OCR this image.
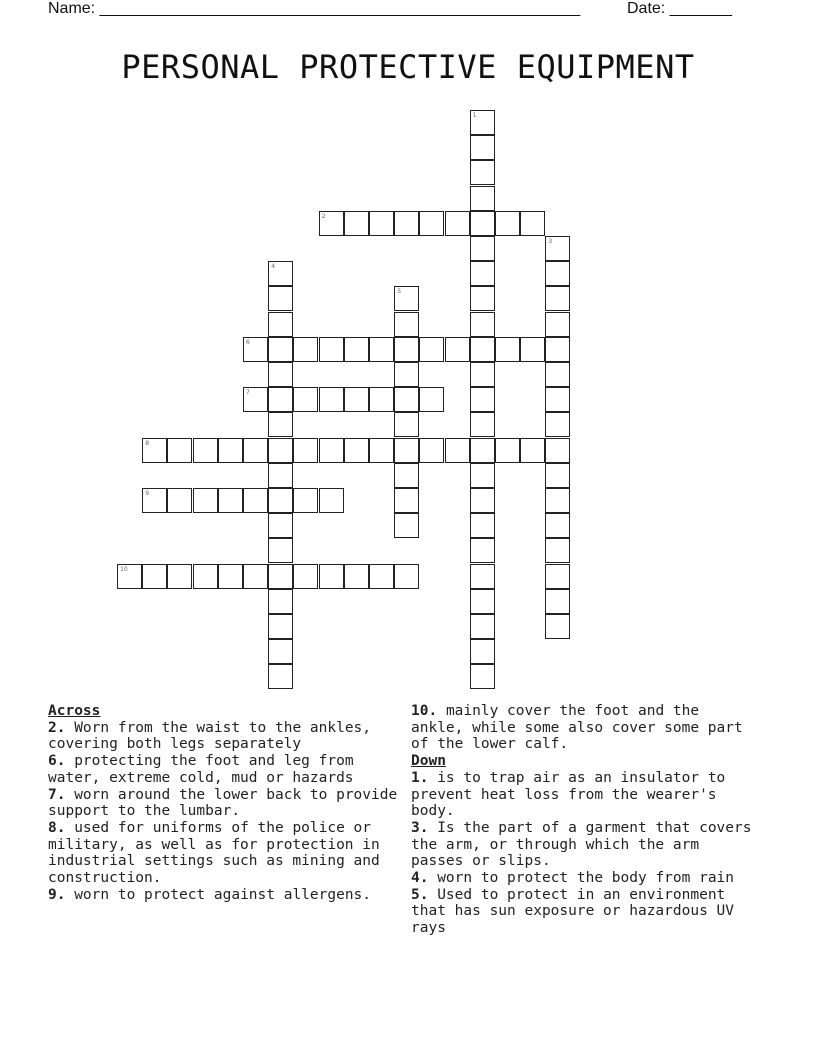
Name: ______________________________________________________	Date: _______
PERSONAL PROTECTIVE EQUIPMENT
1
2
3
4
5
6
7
8
9
10
Across

2. Worn from the waist to the ankles, covering both legs separately

6. protecting the foot and leg from water, extreme cold, mud or hazards

7. worn around the lower back to provide support to the lumbar.

8. used for uniforms of the police or military, as well as for protection in industrial settings such as mining and construction.

9. worn to protect against allergens.

10. mainly cover the foot and the ankle, while some also cover some part of the lower calf.

Down

1. is to trap air as an insulator to prevent heat loss from the wearer's body.

3. Is the part of a garment that covers the arm, or through which the arm passes or slips.

4. worn to protect the body from rain

5. Used to protect in an environment that has sun exposure or hazardous UV rays
